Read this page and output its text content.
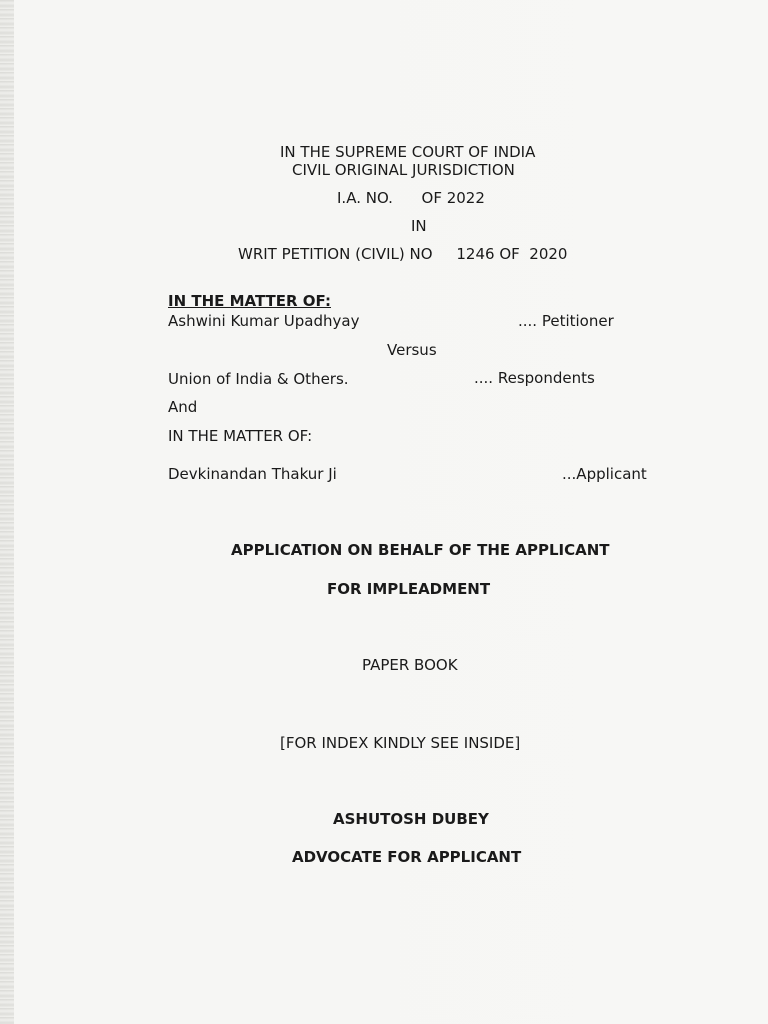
IN THE SUPREME COURT OF INDIA
CIVIL ORIGINAL JURISDICTION
I.A. NO.      OF 2022
IN
WRIT PETITION (CIVIL) NO     1246 OF  2020
IN THE MATTER OF:
Ashwini Kumar Upadhyay	.... Petitioner
Versus
Union of India & Others.	.... Respondents
And
IN THE MATTER OF:
Devkinandan Thakur Ji	...Applicant
APPLICATION ON BEHALF OF THE APPLICANT
FOR IMPLEADMENT
PAPER BOOK
[FOR INDEX KINDLY SEE INSIDE]
ASHUTOSH DUBEY
ADVOCATE FOR APPLICANT
